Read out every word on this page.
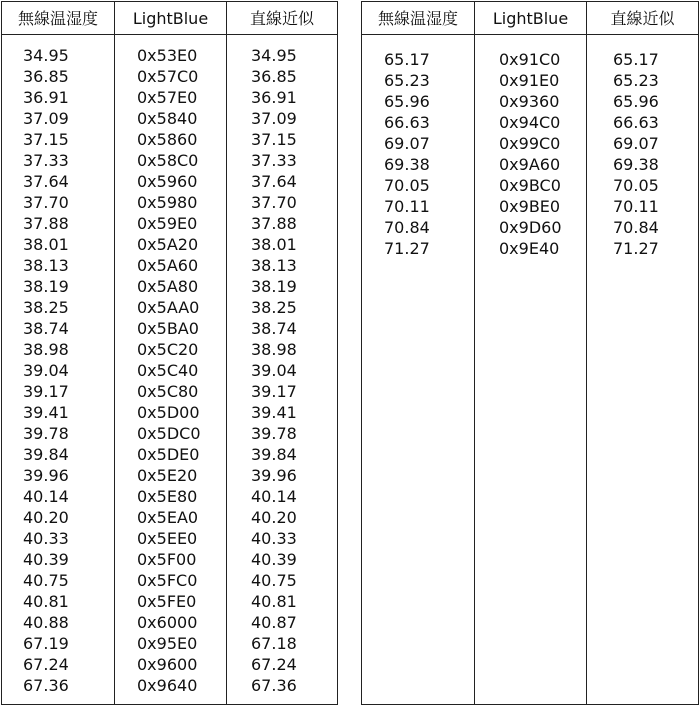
無線温湿度
34.95
36.85
36.91
37.09
37.15
37.33
37.64
37.70
37.88
38.01
38.13
38.19
38.25
38.74
38.98
39.04
39.17
39.41
39.78
39.84
39.96
40.14
40.20
40.33
40.39
40.75
40.81
40.88
67.19
67.24
67.36
LightBlue
0x53E0
0x57C0
0x57E0
0x5840
0x5860
0x58C0
0x5960
0x5980
0x59E0
0x5A20
0x5A60
0x5A80
0x5AA0
0x5BA0
0x5C20
0x5C40
0x5C80
0x5D00
0x5DC0
0x5DE0
0x5E20
0x5E80
0x5EA0
0x5EE0
0x5F00
0x5FC0
0x5FE0
0x6000
0x95E0
0x9600
0x9640
直線近似
34.95
36.85
36.91
37.09
37.15
37.33
37.64
37.70
37.88
38.01
38.13
38.19
38.25
38.74
38.98
39.04
39.17
39.41
39.78
39.84
39.96
40.14
40.20
40.33
40.39
40.75
40.81
40.87
67.18
67.24
67.36
無線温湿度
65.17
65.23
65.96
66.63
69.07
69.38
70.05
70.11
70.84
71.27
LightBlue
0x91C0
0x91E0
0x9360
0x94C0
0x99C0
0x9A60
0x9BC0
0x9BE0
0x9D60
0x9E40
直線近似
65.17
65.23
65.96
66.63
69.07
69.38
70.05
70.11
70.84
71.27
